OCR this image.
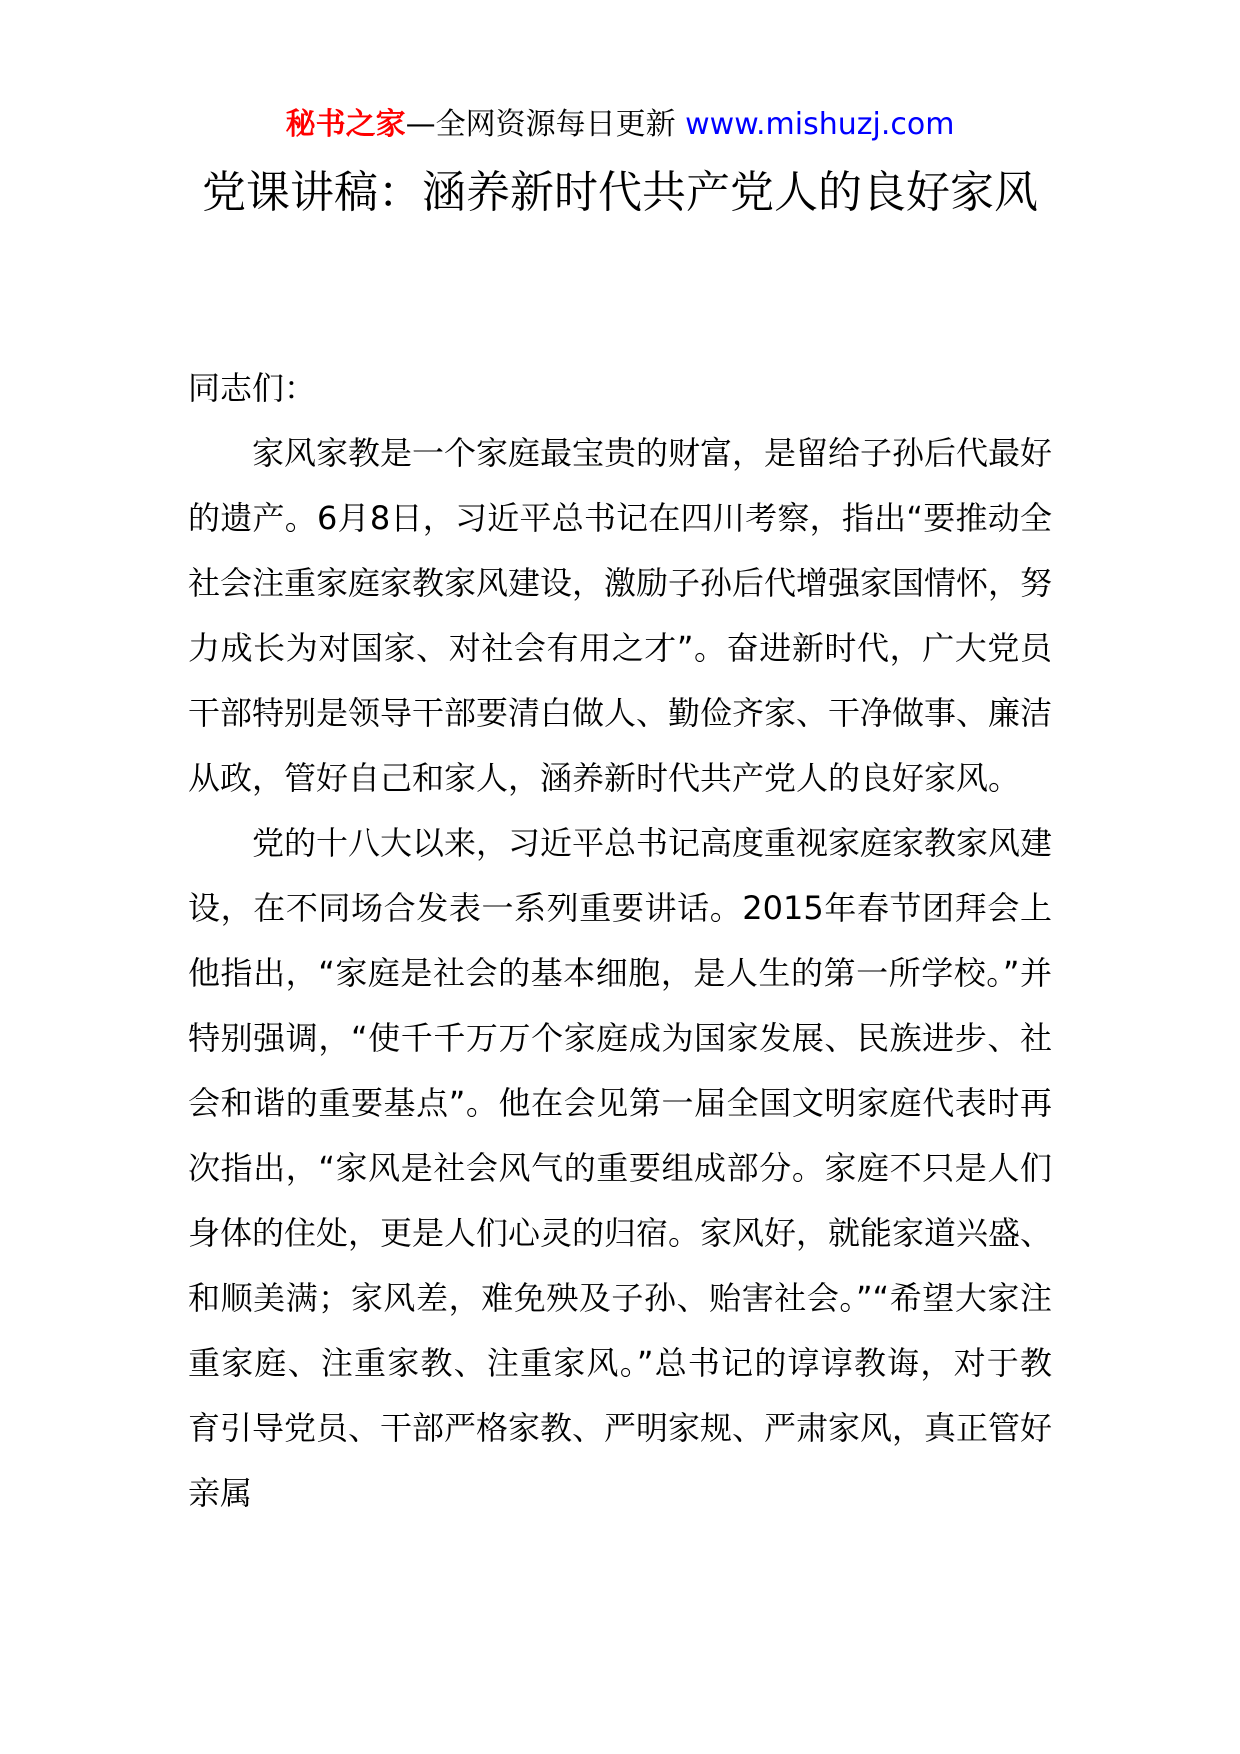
秘书之家—全网资源每日更新 www.mishuzj.com
党课讲稿：涵养新时代共产党人的良好家风

同志们：

家风家教是一个家庭最宝贵的财富，是留给子孙后代最好的遗产。6月8日，习近平总书记在四川考察，指出“要推动全社会注重家庭家教家风建设，激励子孙后代增强家国情怀，努力成长为对国家、对社会有用之才”。奋进新时代，广大党员干部特别是领导干部要清白做人、勤俭齐家、干净做事、廉洁从政，管好自己和家人，涵养新时代共产党人的良好家风。

党的十八大以来，习近平总书记高度重视家庭家教家风建设，在不同场合发表一系列重要讲话。2015年春节团拜会上他指出，“家庭是社会的基本细胞，是人生的第一所学校。”并特别强调，“使千千万万个家庭成为国家发展、民族进步、社会和谐的重要基点”。他在会见第一届全国文明家庭代表时再次指出，“家风是社会风气的重要组成部分。家庭不只是人们身体的住处，更是人们心灵的归宿。家风好，就能家道兴盛、和顺美满；家风差，难免殃及子孙、贻害社会。”“希望大家注重家庭、注重家教、注重家风。”总书记的谆谆教诲，对于教育引导党员、干部严格家教、严明家规、严肃家风，真正管好亲属
